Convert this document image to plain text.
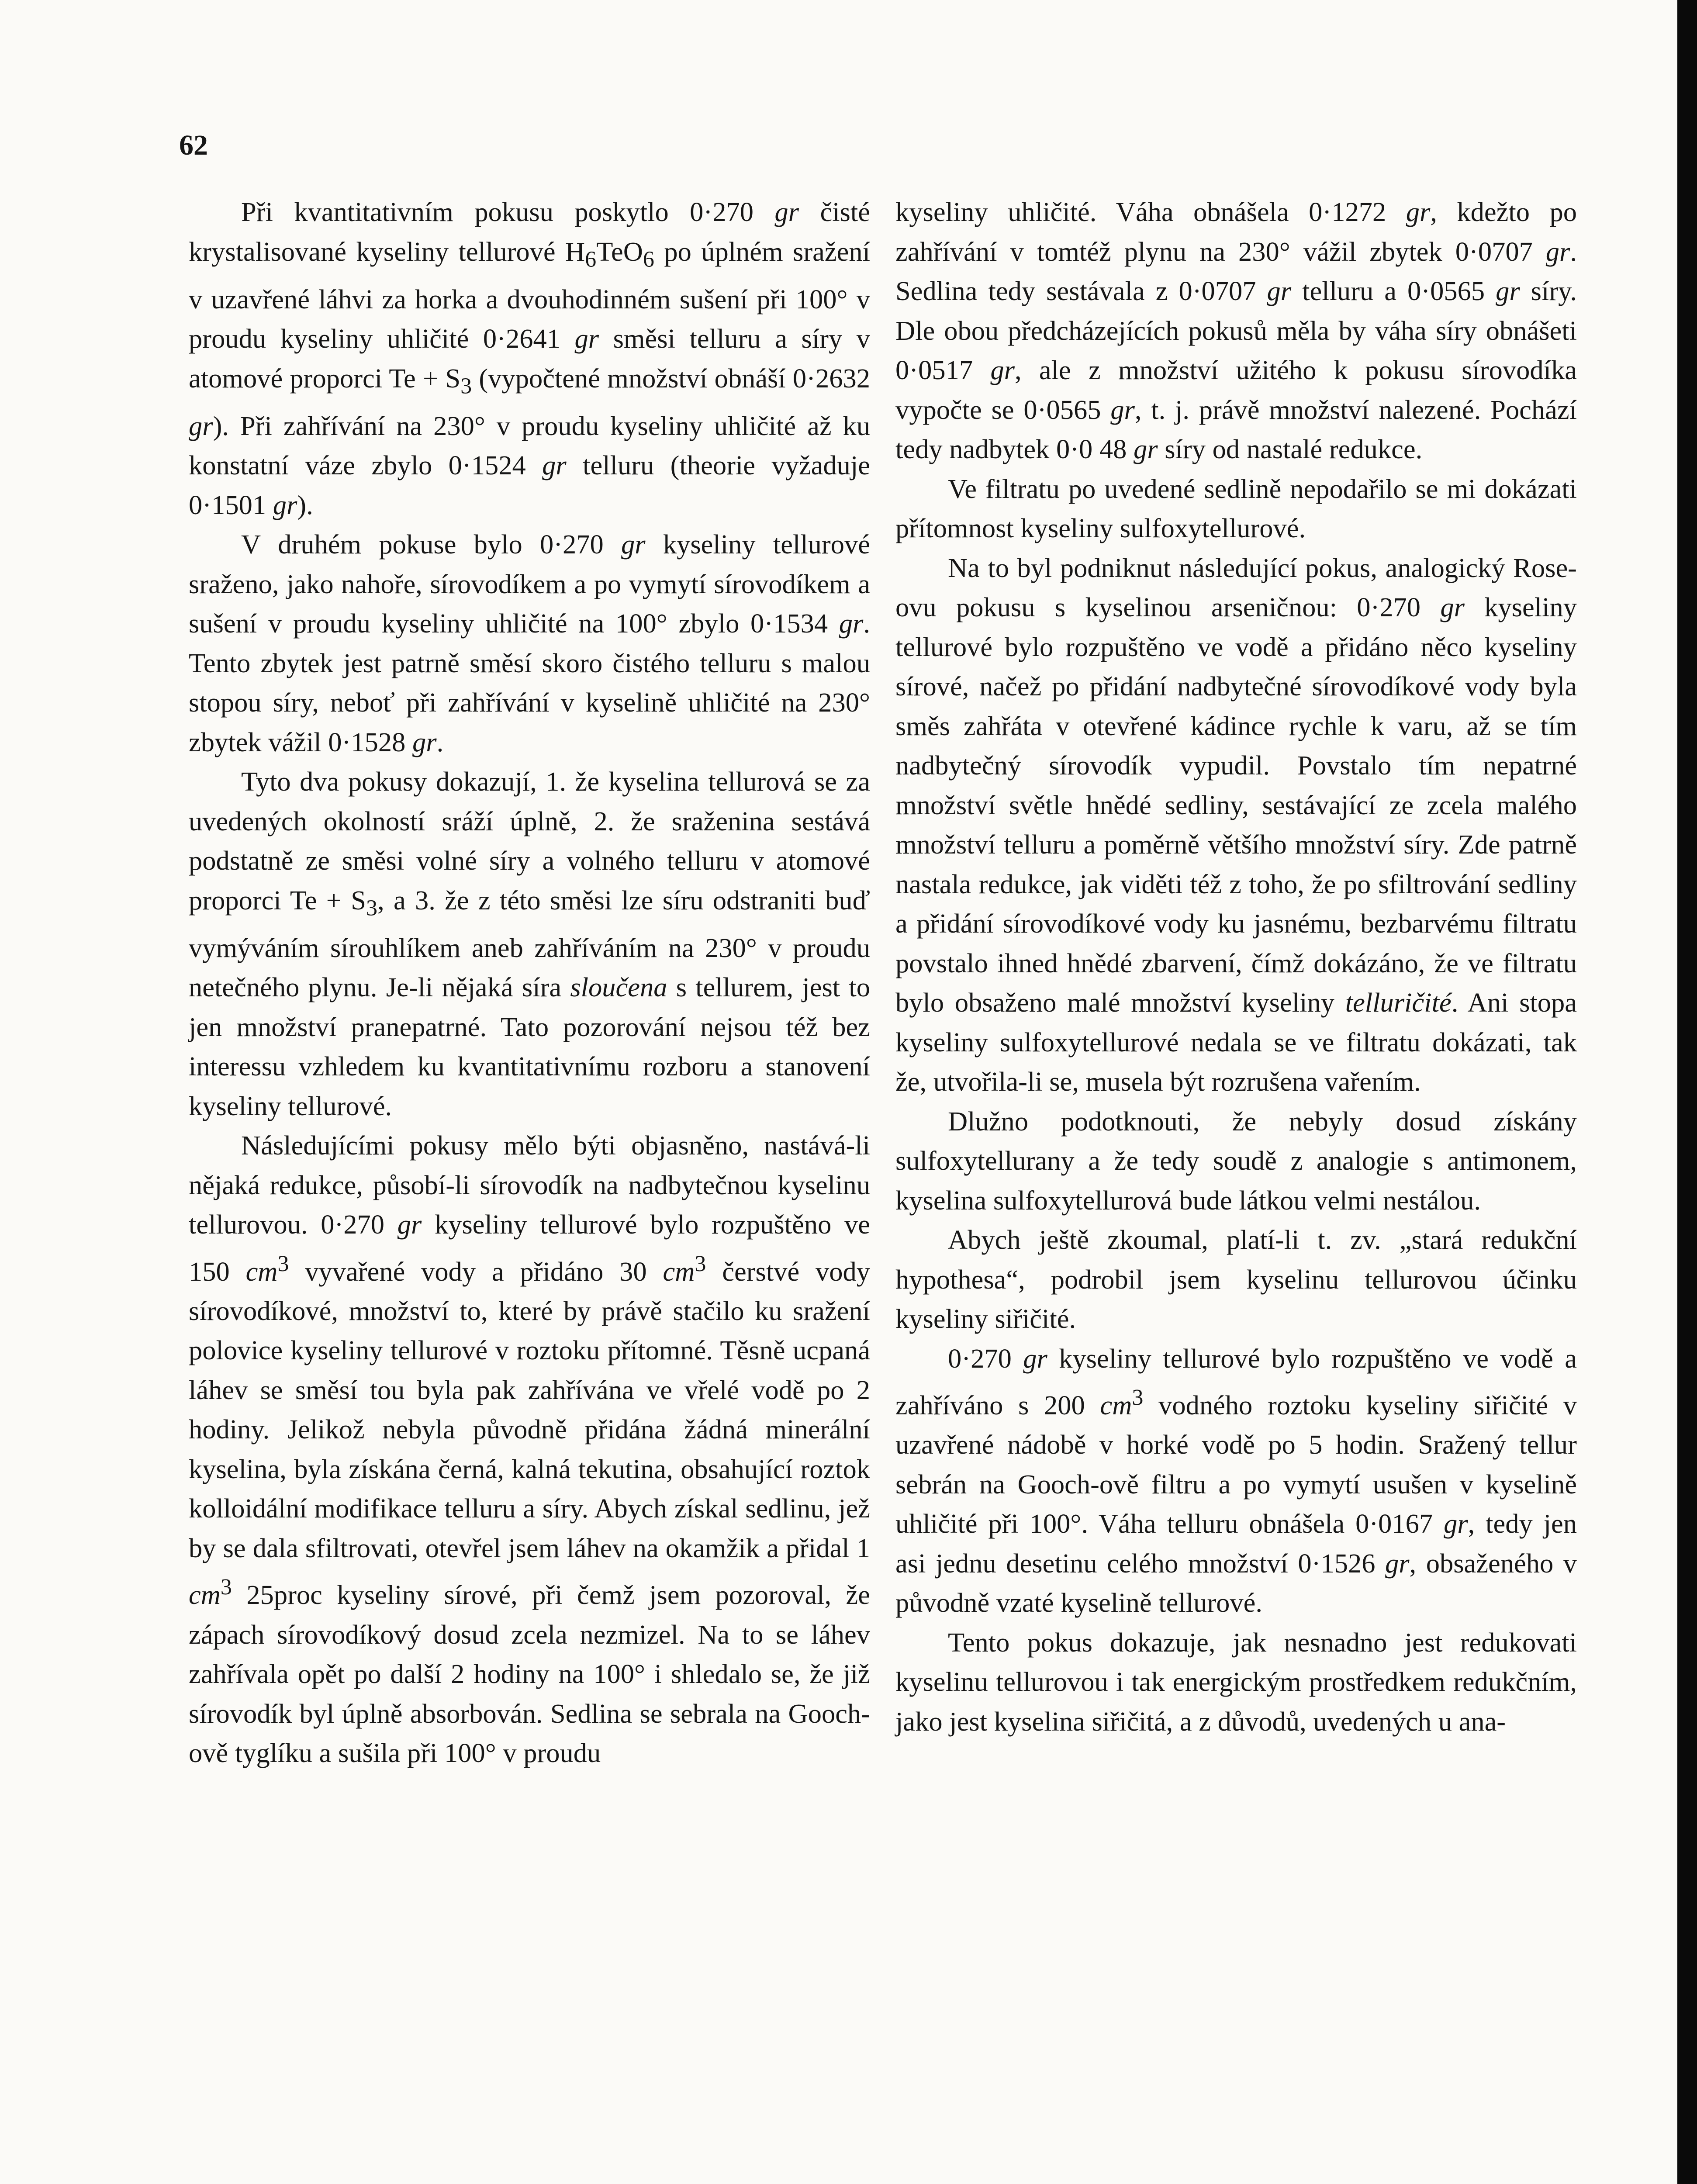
62

Při kvantitativním pokusu poskytlo 0·270 gr čisté krystalisované kyseliny tellurové $H_6TeO_6$ po úplném sražení v uzavřené láhvi za horka a dvouhodinném sušení při 100° v proudu kyseliny uhličité 0·2641 gr směsi telluru a síry v atomové proporci $Te + S_3$ (vypočtené množství obnáší 0·2632 gr). Při zahřívání na 230° v proudu kyseliny uhličité až ku konstatní váze zbylo 0·1524 gr telluru (theorie vyžaduje 0·1501 gr).

V druhém pokuse bylo 0·270 gr kyseliny tellurové sraženo, jako nahoře, sírovodíkem a po vymytí sírovodíkem a sušení v proudu kyseliny uhličité na 100° zbylo 0·1534 gr. Tento zbytek jest patrně směsí skoro čistého telluru s malou stopou síry, neboť při zahřívání v kyselině uhličité na 230° zbytek vážil 0·1528 gr.

Tyto dva pokusy dokazují, 1. že kyselina tellurová se za uvedených okolností sráží úplně, 2. že sraženina sestává podstatně ze směsi volné síry a volného telluru v atomové proporci $Te + S_3$, a 3. že z této směsi lze síru odstraniti buď vymýváním sírouhlíkem aneb zahříváním na 230° v proudu netečného plynu. Je-li nějaká síra sloučena s tellurem, jest to jen množství pranepatrné. Tato pozorování nejsou též bez interessu vzhledem ku kvantitativnímu rozboru a stanovení kyseliny tellurové.

Následujícími pokusy mělo býti objasněno, nastává-li nějaká redukce, působí-li sírovodík na nadbytečnou kyselinu tellurovou. 0·270 gr kyseliny tellurové bylo rozpuštěno ve 150 $cm^3$ vyvařené vody a přidáno 30 $cm^3$ čerstvé vody sírovodíkové, množství to, které by právě stačilo ku sražení polovice kyseliny tellurové v roztoku přítomné. Těsně ucpaná láhev se směsí tou byla pak zahřívána ve vřelé vodě po 2 hodiny. Jelikož nebyla původně přidána žádná minerální kyselina, byla získána černá, kalná tekutina, obsahující roztok kolloidální modifikace telluru a síry. Abych získal sedlinu, jež by se dala sfiltrovati, otevřel jsem láhev na okamžik a přidal 1 $cm^3$ 25proc kyseliny sírové, při čemž jsem pozoroval, že zápach sírovodíkový dosud zcela nezmizel. Na to se láhev zahřívala opět po další 2 hodiny na 100° i shledalo se, že již sírovodík byl úplně absorbován. Sedlina se sebrala na Gooch-ově tyglíku a sušila při 100° v proudu

kyseliny uhličité. Váha obnášela 0·1272 gr, kdežto po zahřívání v tomtéž plynu na 230° vážil zbytek 0·0707 gr. Sedlina tedy sestávala z 0·0707 gr telluru a 0·0565 gr síry. Dle obou předcházejících pokusů měla by váha síry obnášeti 0·0517 gr, ale z množství užitého k pokusu sírovodíka vypočte se 0·0565 gr, t. j. právě množství nalezené. Pochází tedy nadbytek 0·0 48 gr síry od nastalé redukce.

Ve filtratu po uvedené sedlině nepodařilo se mi dokázati přítomnost kyseliny sulfoxytellurové.

Na to byl podniknut následující pokus, analogický Rose-ovu pokusu s kyselinou arseničnou: 0·270 gr kyseliny tellurové bylo rozpuštěno ve vodě a přidáno něco kyseliny sírové, načež po přidání nadbytečné sírovodíkové vody byla směs zahřáta v otevřené kádince rychle k varu, až se tím nadbytečný sírovodík vypudil. Povstalo tím nepatrné množství světle hnědé sedliny, sestávající ze zcela malého množství telluru a poměrně většího množství síry. Zde patrně nastala redukce, jak viděti též z toho, že po sfiltrování sedliny a přidání sírovodíkové vody ku jasnému, bezbarvému filtratu povstalo ihned hnědé zbarvení, čímž dokázáno, že ve filtratu bylo obsaženo malé množství kyseliny telluričité. Ani stopa kyseliny sulfoxytellurové nedala se ve filtratu dokázati, tak že, utvořila-li se, musela být rozrušena vařením.

Dlužno podotknouti, že nebyly dosud získány sulfoxytellurany a že tedy soudě z analogie s antimonem, kyselina sulfoxytellurová bude látkou velmi nestálou.

Abych ještě zkoumal, platí-li t. zv. „stará redukční hypothesa“, podrobil jsem kyselinu tellurovou účinku kyseliny siřičité.

0·270 gr kyseliny tellurové bylo rozpuštěno ve vodě a zahříváno s 200 $cm^3$ vodného roztoku kyseliny siřičité v uzavřené nádobě v horké vodě po 5 hodin. Sražený tellur sebrán na Gooch-ově filtru a po vymytí usušen v kyselině uhličité při 100°. Váha telluru obnášela 0·0167 gr, tedy jen asi jednu desetinu celého množství 0·1526 gr, obsaženého v původně vzaté kyselině tellurové.

Tento pokus dokazuje, jak nesnadno jest redukovati kyselinu tellurovou i tak energickým prostředkem redukčním, jako jest kyselina siřičitá, a z důvodů, uvedených u ana-
